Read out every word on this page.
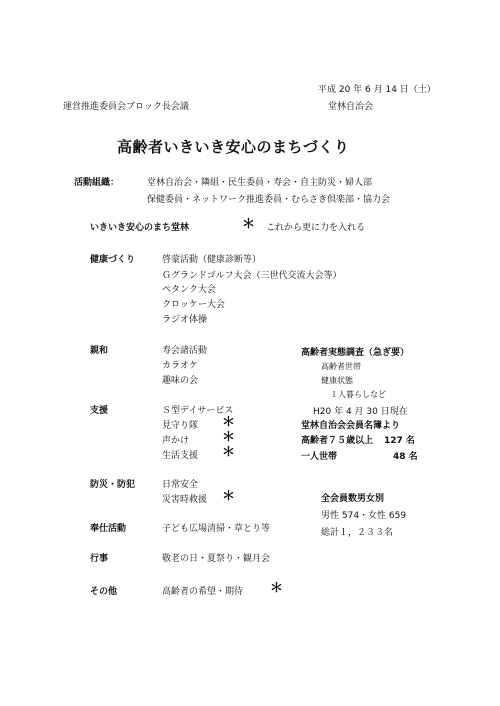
平成 20 年 6 月 14 日（土）
運営推進委員会ブロック長会議	堂林自治会
高齢者いきいき安心のまちづくり
活動組織：	堂林自治会・隣組・民生委員・寿会・自主防災・婦人部
保健委員・ネットワーク推進委員・むらさき倶楽部・協力会
いきいき安心のまち堂林	＊ これから更に力を入れる
健康づくり	啓蒙活動（健康診断等）
Ｇグランドゴルフ大会（三世代交流大会等）
ペタンク大会
クロッケー大会
ラジオ体操
親和	寿会諸活動
カラオケ
趣味の会
高齢者実態調査（急ぎ要）
高齢者世帯
健康状態
１人暮らしなど
支援	Ｓ型デイサービス
見守り隊 ＊
声かけ	＊
生活支援 ＊
H20 年 4 月 30 日現在
堂林自治会会員名簿より
高齢者７５歳以上 127 名
一人世帯	48 名
防災・防犯	日常安全
災害時救援 ＊	全会員数男女別
男性 574・女性 659
総計１，２３３名
奉仕活動	子ども広場清掃・草とり等
行事	敬老の日・夏祭り・観月会
その他	高齢者の希望・期待 ＊
